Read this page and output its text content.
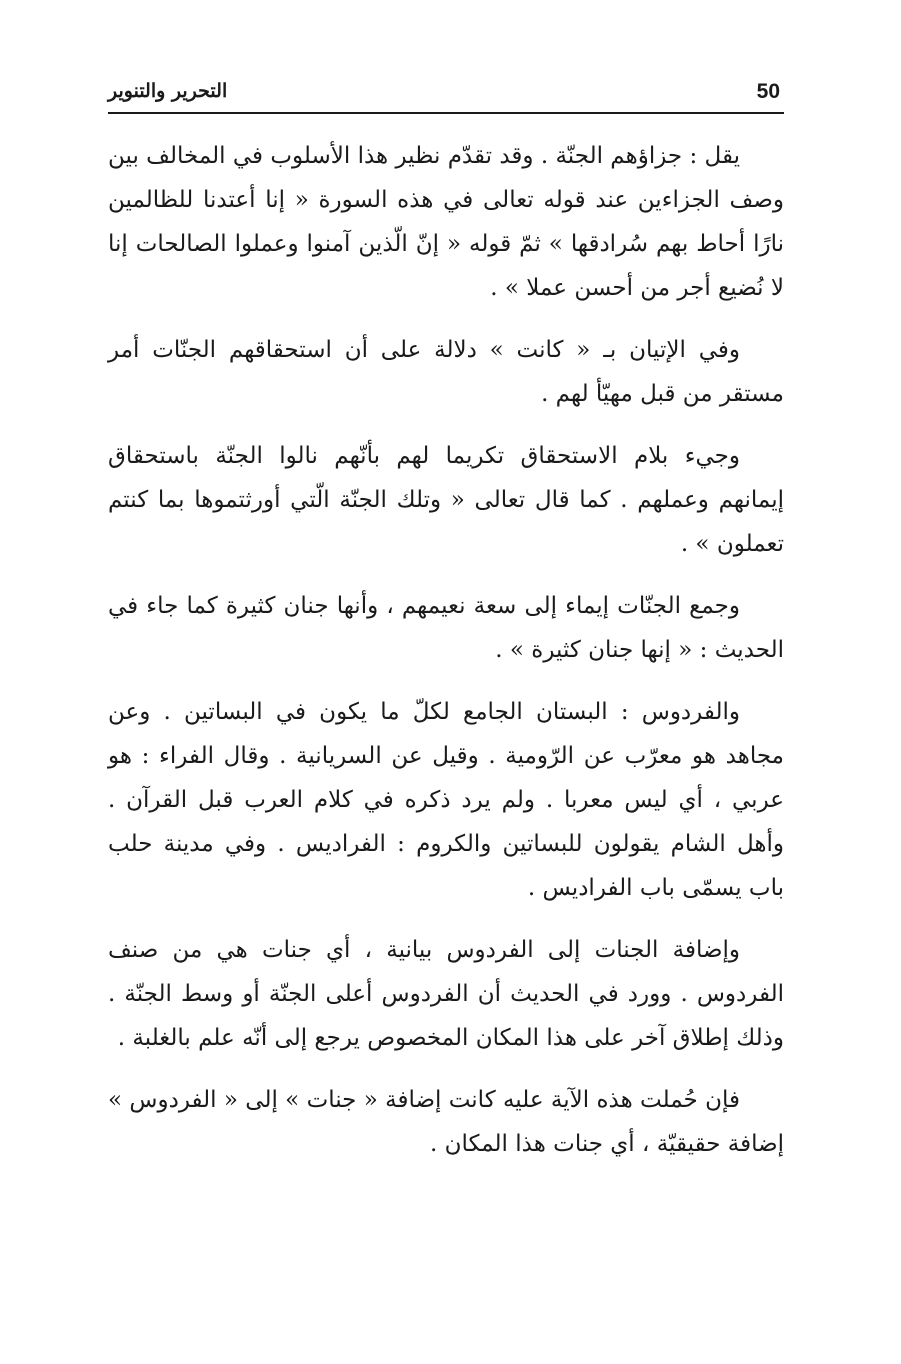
50
التحرير والتنوير

يقل : جزاؤهم الجنّة . وقد تقدّم نظير هذا الأسلوب في المخالف بين وصف الجزاءين عند قوله تعالى في هذه السورة « إنا أعتدنا للظالمين نارًا أحاط بهم سُرادقها » ثمّ قوله « إنّ الّذين آمنوا وعملوا الصالحات إنا لا نُضيع أجر من أحسن عملا » .

وفي الإتيان بـ « كانت » دلالة على أن استحقاقهم الجنّات أمر مستقر من قبل مهيّأ لهم .

وجيء بلام الاستحقاق تكريما لهم بأنّهم نالوا الجنّة باستحقاق إيمانهم وعملهم . كما قال تعالى « وتلك الجنّة الّتي أورثتموها بما كنتم تعملون » .

وجمع الجنّات إيماء إلى سعة نعيمهم ، وأنها جنان كثيرة كما جاء في الحديث : « إنها جنان كثيرة » .

والفردوس : البستان الجامع لكلّ ما يكون في البساتين . وعن مجاهد هو معرّب عن الرّومية . وقيل عن السريانية . وقال الفراء : هو عربي ، أي ليس معربا . ولم يرد ذكره في كلام العرب قبل القرآن . وأهل الشام يقولون للبساتين والكروم : الفراديس . وفي مدينة حلب باب يسمّى باب الفراديس .

وإضافة الجنات إلى الفردوس بيانية ، أي جنات هي من صنف الفردوس . وورد في الحديث أن الفردوس أعلى الجنّة أو وسط الجنّة . وذلك إطلاق آخر على هذا المكان المخصوص يرجع إلى أنّه علم بالغلبة .

فإن حُملت هذه الآية عليه كانت إضافة « جنات » إلى « الفردوس » إضافة حقيقيّة ، أي جنات هذا المكان .
